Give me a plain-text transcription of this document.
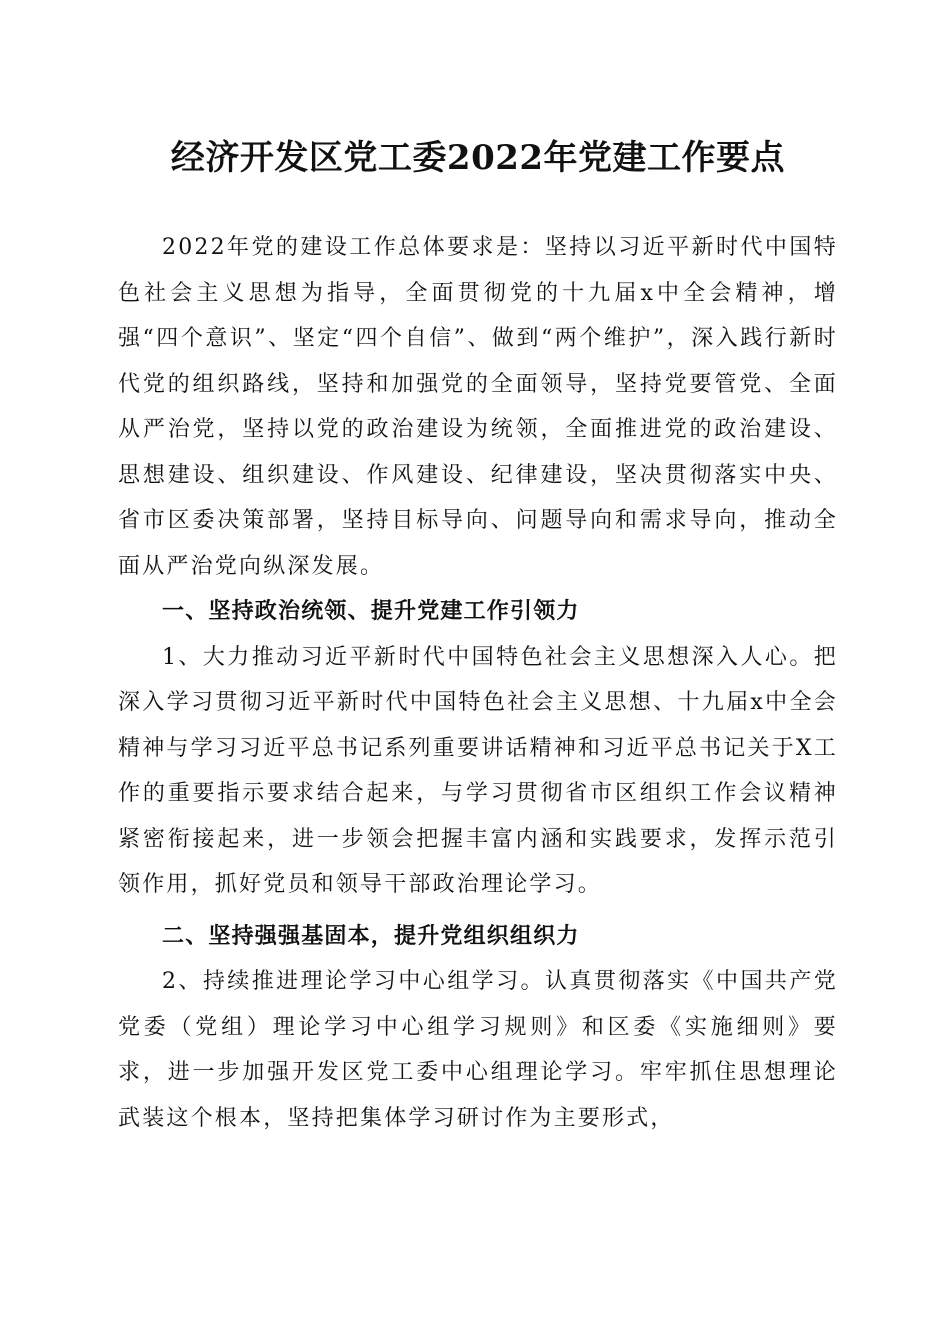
经济开发区党工委2022年党建工作要点

2022年党的建设工作总体要求是：坚持以习近平新时代中国特色社会主义思想为指导，全面贯彻党的十九届x中全会精神，增强“四个意识”、坚定“四个自信”、做到“两个维护”，深入践行新时代党的组织路线，坚持和加强党的全面领导，坚持党要管党、全面从严治党，坚持以党的政治建设为统领，全面推进党的政治建设、思想建设、组织建设、作风建设、纪律建设，坚决贯彻落实中央、省市区委决策部署，坚持目标导向、问题导向和需求导向，推动全面从严治党向纵深发展。

一、坚持政治统领、提升党建工作引领力

1、大力推动习近平新时代中国特色社会主义思想深入人心。把深入学习贯彻习近平新时代中国特色社会主义思想、十九届x中全会精神与学习习近平总书记系列重要讲话精神和习近平总书记关于X工作的重要指示要求结合起来，与学习贯彻省市区组织工作会议精神紧密衔接起来，进一步领会把握丰富内涵和实践要求，发挥示范引领作用，抓好党员和领导干部政治理论学习。

二、坚持强强基固本，提升党组织组织力

2、持续推进理论学习中心组学习。认真贯彻落实《中国共产党党委（党组）理论学习中心组学习规则》和区委《实施细则》要求，进一步加强开发区党工委中心组理论学习。牢牢抓住思想理论武装这个根本，坚持把集体学习研讨作为主要形式，
